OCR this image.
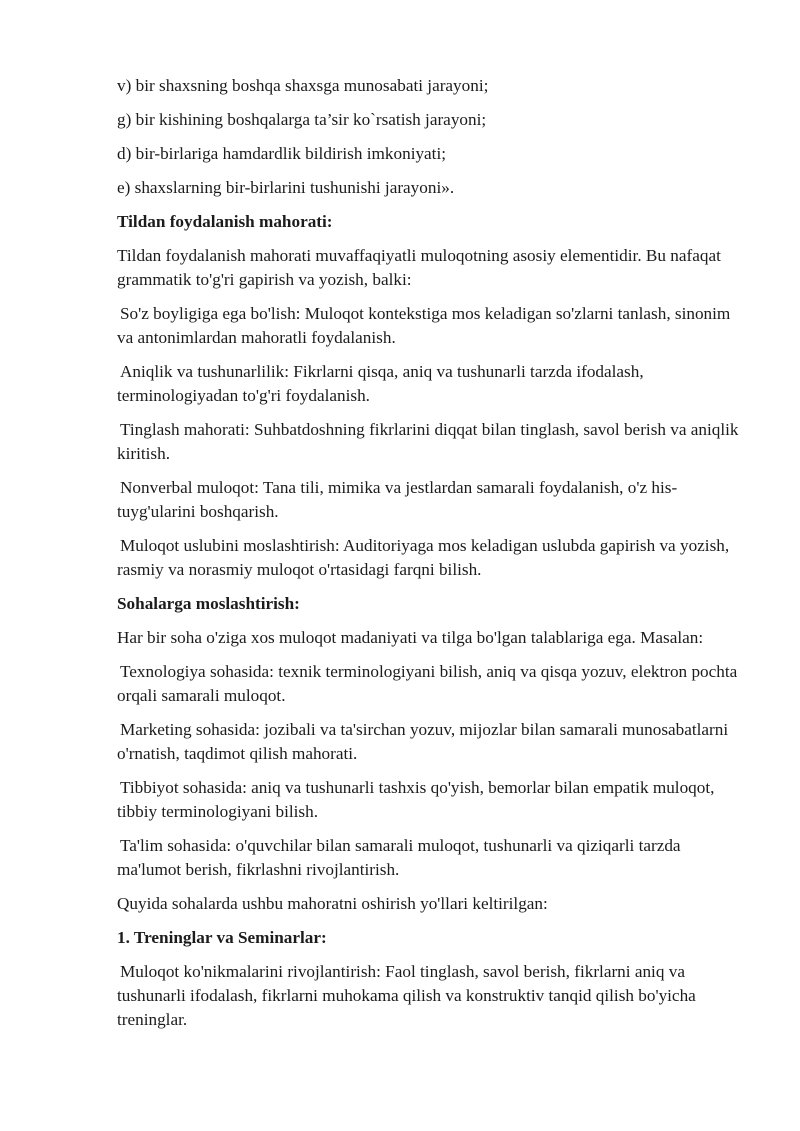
v) bir shaxsning boshqa shaxsga munosabati jarayoni;
g) bir kishining boshqalarga ta’sir ko`rsatish jarayoni;
d) bir-birlariga hamdardlik bildirish imkoniyati;
e) shaxslarning bir-birlarini tushunishi jarayoni».
Tildan foydalanish mahorati:
Tildan foydalanish mahorati muvaffaqiyatli muloqotning asosiy elementidir. Bu nafaqat grammatik to'g'ri gapirish va yozish, balki:
So'z boyligiga ega bo'lish: Muloqot kontekstiga mos keladigan so'zlarni tanlash, sinonim va antonimlardan mahoratli foydalanish.
Aniqlik va tushunarlilik: Fikrlarni qisqa, aniq va tushunarli tarzda ifodalash, terminologiyadan to'g'ri foydalanish.
Tinglash mahorati: Suhbatdoshning fikrlarini diqqat bilan tinglash, savol berish va aniqlik kiritish.
Nonverbal muloqot: Tana tili, mimika va jestlardan samarali foydalanish, o'z his-tuyg'ularini boshqarish.
Muloqot uslubini moslashtirish: Auditoriyaga mos keladigan uslubda gapirish va yozish, rasmiy va norasmiy muloqot o'rtasidagi farqni bilish.
Sohalarga moslashtirish:
Har bir soha o'ziga xos muloqot madaniyati va tilga bo'lgan talablariga ega. Masalan:
Texnologiya sohasida: texnik terminologiyani bilish, aniq va qisqa yozuv, elektron pochta orqali samarali muloqot.
Marketing sohasida: jozibali va ta'sirchan yozuv, mijozlar bilan samarali munosabatlarni o'rnatish, taqdimot qilish mahorati.
Tibbiyot sohasida: aniq va tushunarli tashxis qo'yish, bemorlar bilan empatik muloqot, tibbiy terminologiyani bilish.
Ta'lim sohasida: o'quvchilar bilan samarali muloqot, tushunarli va qiziqarli tarzda ma'lumot berish, fikrlashni rivojlantirish.
Quyida sohalarda ushbu mahoratni oshirish yo'llari keltirilgan:
1. Treninglar va Seminarlar:
Muloqot ko'nikmalarini rivojlantirish: Faol tinglash, savol berish, fikrlarni aniq va tushunarli ifodalash, fikrlarni muhokama qilish va konstruktiv tanqid qilish bo'yicha treninglar.
